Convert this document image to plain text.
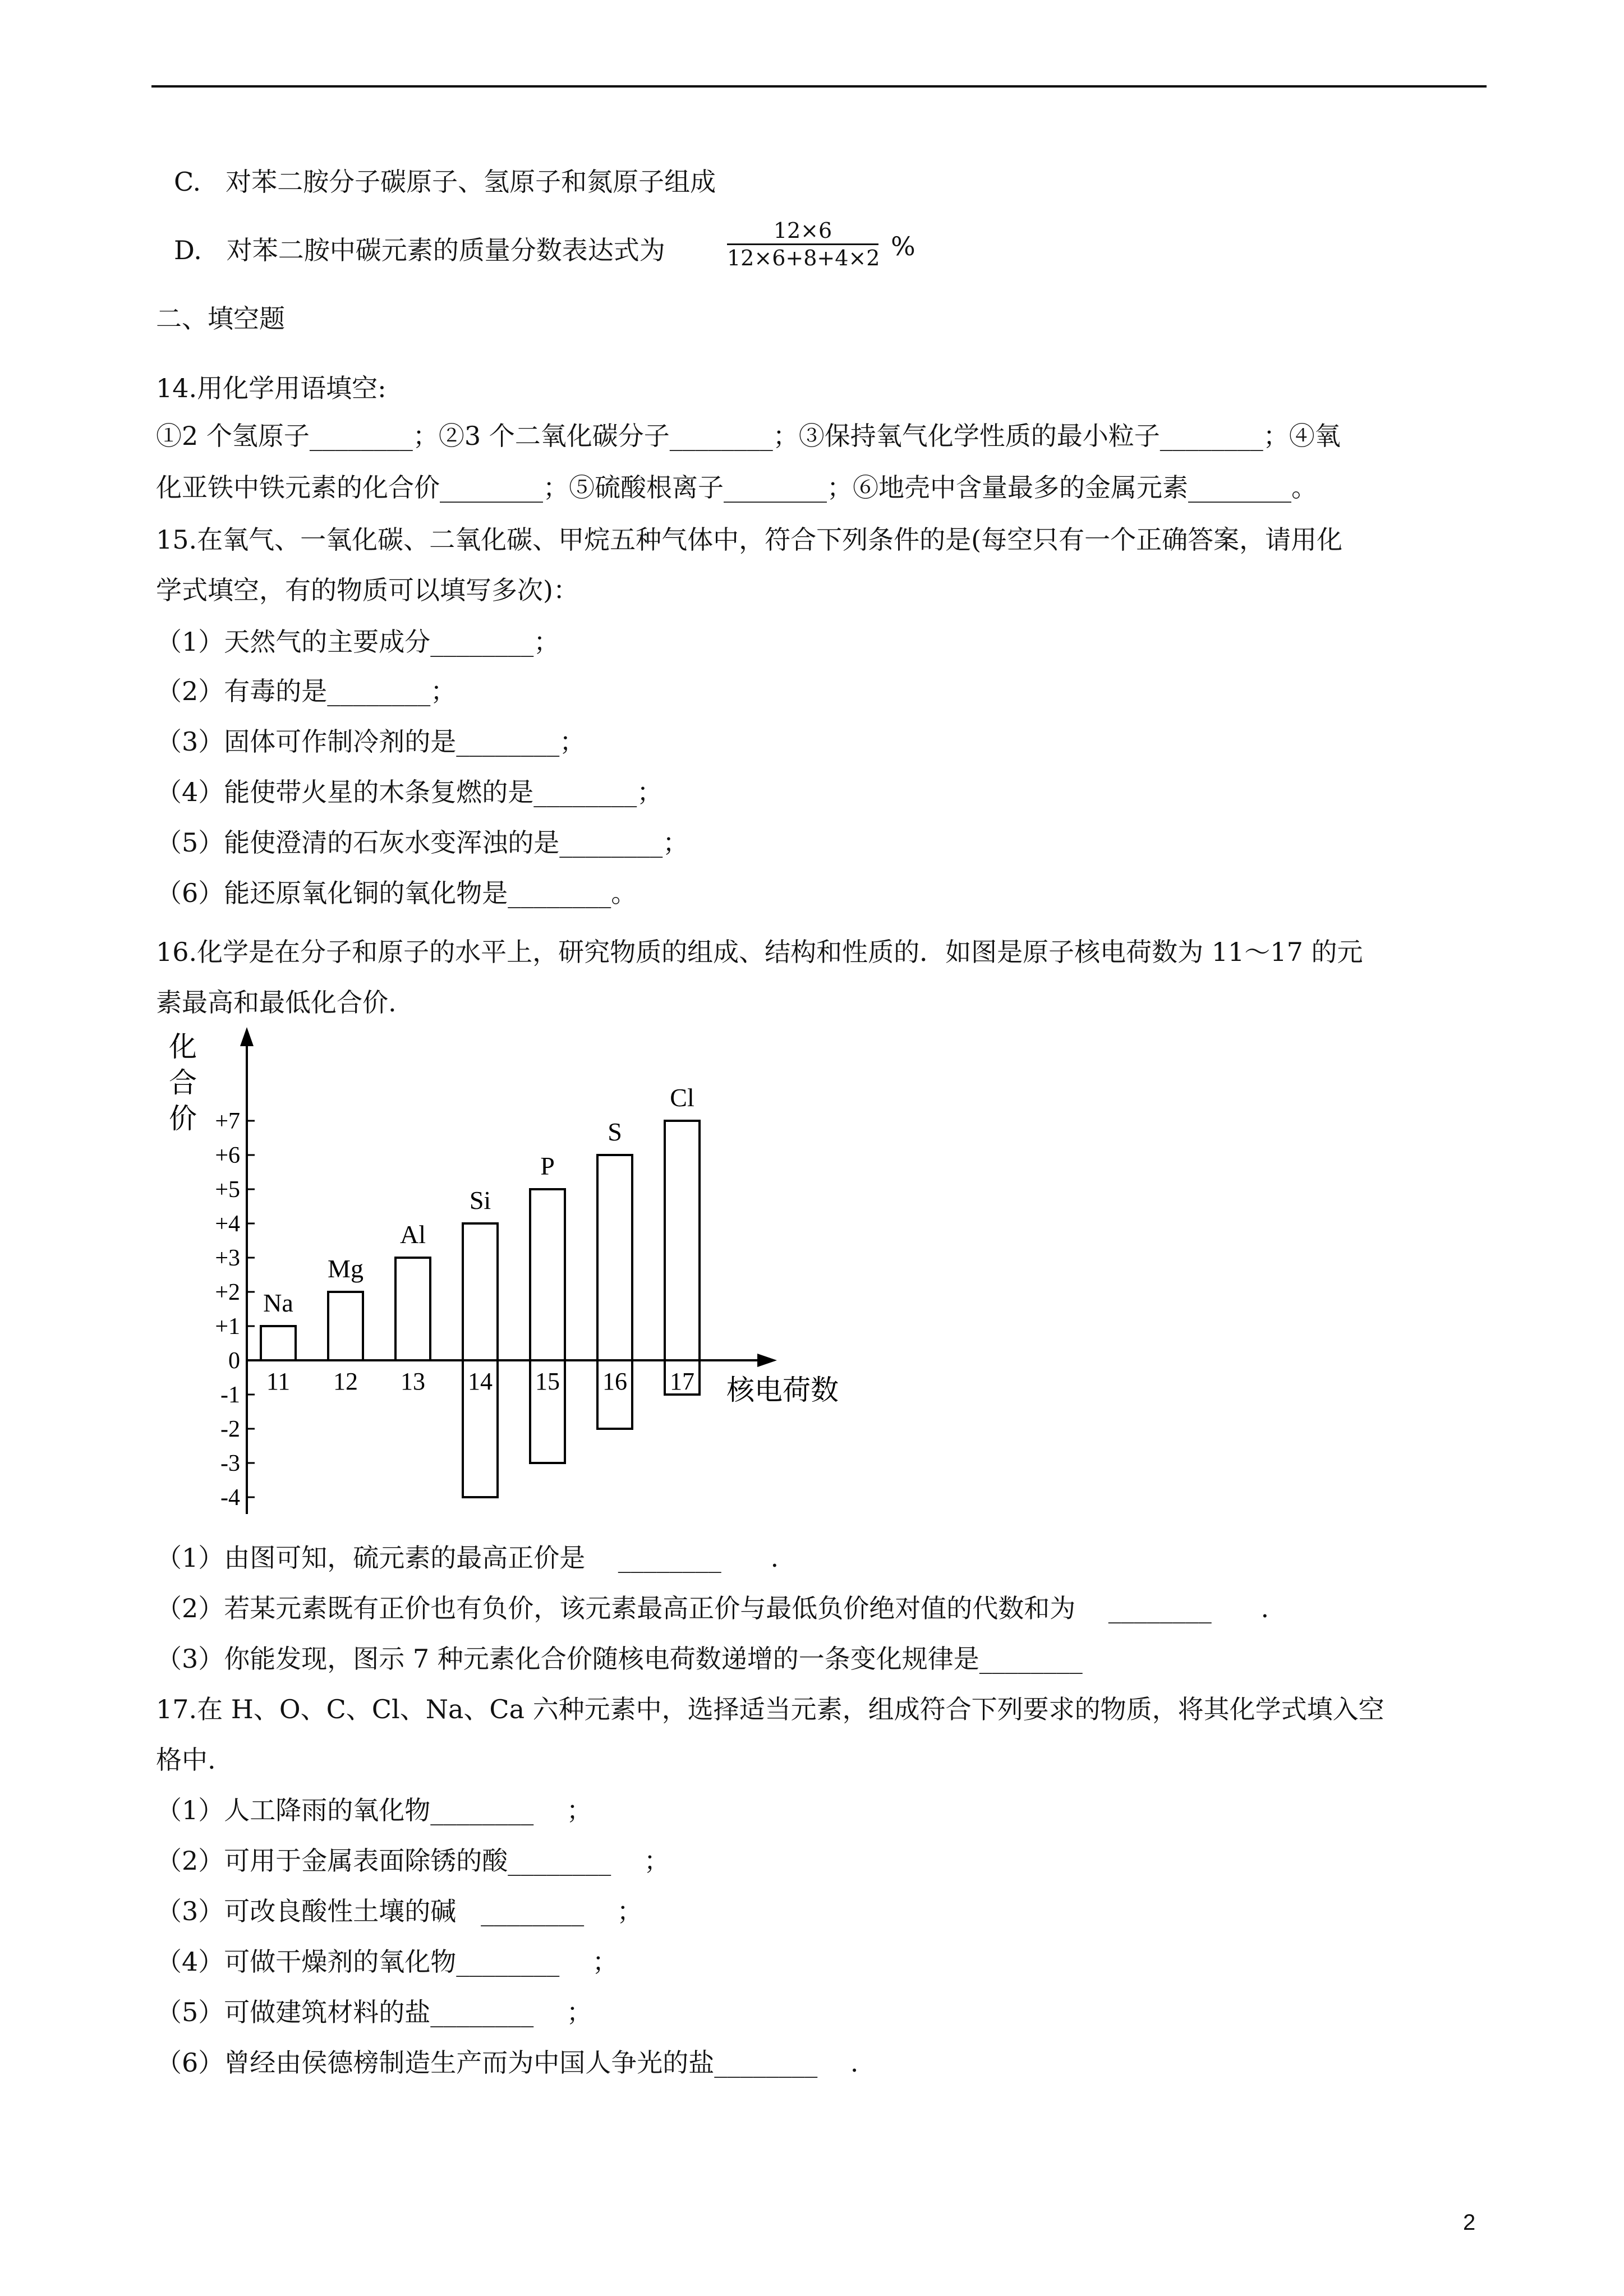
C. 对苯二胺分子碳原子、氢原子和氮原子组成
D. 对苯二胺中碳元素的质量分数表达式为	$\frac{12\times 6}{12\times 6+8+4\times 2}$ %
二、填空题
14.用化学用语填空:
①2 个氢原子________；②3 个二氧化碳分子________；③保持氧气化学性质的最小粒子________；④氧
化亚铁中铁元素的化合价________；⑤硫酸根离子________；⑥地壳中含量最多的金属元素________。
15.在氧气、一氧化碳、二氧化碳、甲烷五种气体中，符合下列条件的是(每空只有一个正确答案，请用化
学式填空，有的物质可以填写多次)：
（1）天然气的主要成分________；
（2）有毒的是________；
（3）固体可作制冷剂的是________；
（4）能使带火星的木条复燃的是________；
（5）能使澄清的石灰水变浑浊的是________；
（6）能还原氧化铜的氧化物是________。
16.化学是在分子和原子的水平上，研究物质的组成、结构和性质的．如图是原子核电荷数为 11～17 的元
素最高和最低化合价.
化
合
价 +7
+6
+5
+4
+3
+2
+1
0
-1
-2
-3
-4
Na
11
Mg
12
Al
13
Si
14
P
15
S
16
Cl
17 核电荷数
（1）由图可知，硫元素的最高正价是    ________      .
（2）若某元素既有正价也有负价，该元素最高正价与最低负价绝对值的代数和为    ________      .
（3）你能发现，图示 7 种元素化合价随核电荷数递增的一条变化规律是________
17.在 H、O、C、Cl、Na、Ca 六种元素中，选择适当元素，组成符合下列要求的物质，将其化学式填入空
格中.
（1）人工降雨的氧化物________    ；
（2）可用于金属表面除锈的酸________    ；
（3）可改良酸性土壤的碱   ________    ；
（4）可做干燥剂的氧化物________    ；
（5）可做建筑材料的盐________    ；
（6）曾经由侯德榜制造生产而为中国人争光的盐________    .
2
